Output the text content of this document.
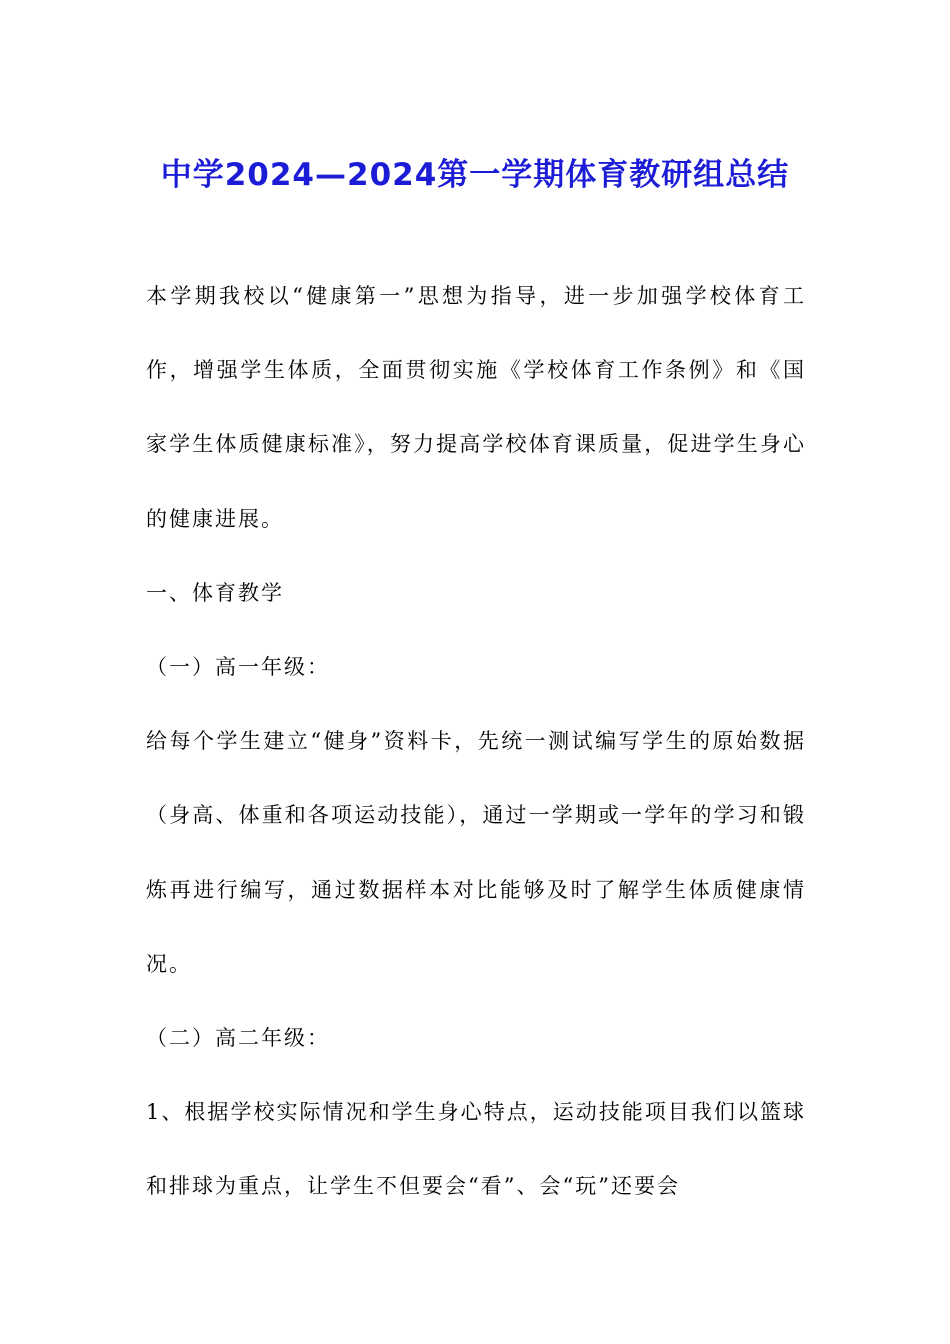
中学2024—2024第一学期体育教研组总结

本学期我校以“健康第一”思想为指导，进一步加强学校体育工作，增强学生体质，全面贯彻实施《学校体育工作条例》和《国家学生体质健康标准》，努力提高学校体育课质量，促进学生身心的健康进展。

一、体育教学

（一）高一年级：

给每个学生建立“健身”资料卡，先统一测试编写学生的原始数据（身高、体重和各项运动技能），通过一学期或一学年的学习和锻炼再进行编写，通过数据样本对比能够及时了解学生体质健康情况。

（二）高二年级：

1、根据学校实际情况和学生身心特点，运动技能项目我们以篮球和排球为重点，让学生不但要会“看”、会“玩”还要会
